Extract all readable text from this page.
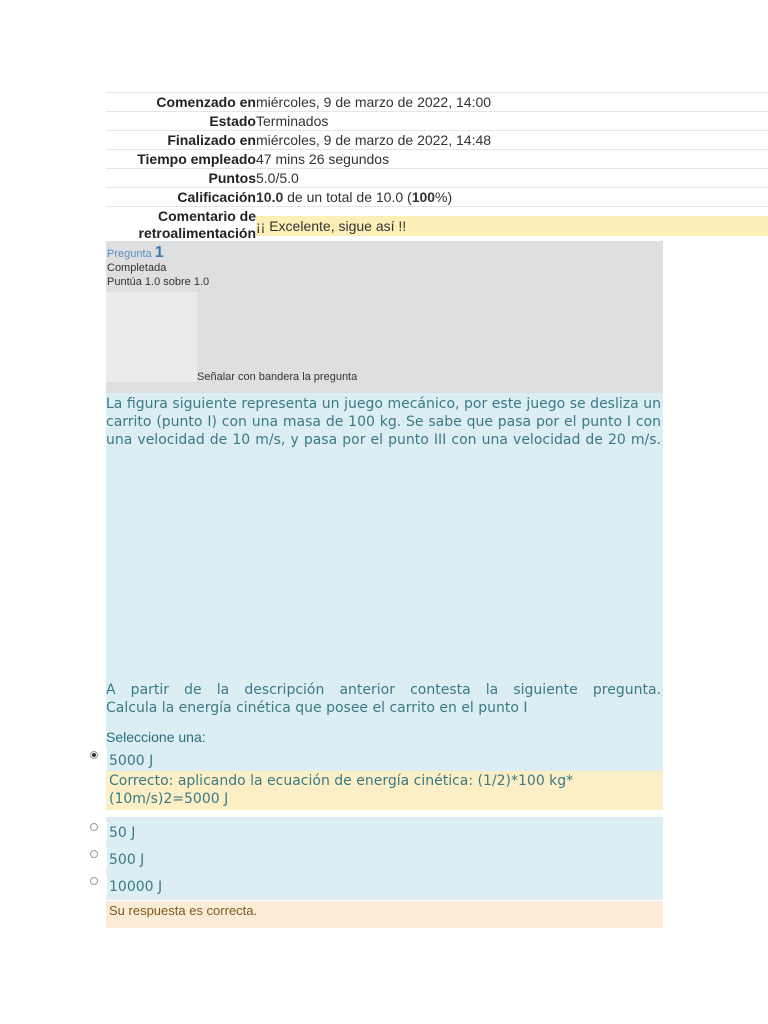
Comenzado en miércoles, 9 de marzo de 2022, 14:00
Estado Terminados
Finalizado en miércoles, 9 de marzo de 2022, 14:48
Tiempo empleado 47 mins 26 segundos
Puntos 5.0/5.0
Calificación 10.0 de un total de 10.0 (100%)
Comentario de
retroalimentación ¡¡ Excelente, sigue así !!
Pregunta 1
Completada
Puntúa 1.0 sobre 1.0
Señalar con bandera la pregunta
La figura siguiente representa un juego mecánico, por este juego se desliza un carrito (punto I) con una masa de 100 kg. Se sabe que pasa por el punto I con una velocidad de 10 m/s, y pasa por el punto III con una velocidad de 20 m/s.
A partir de la descripción anterior contesta la siguiente pregunta.
Calcula la energía cinética que posee el carrito en el punto I
Seleccione una:
5000 J
Correcto: aplicando la ecuación de energía cinética: (1/2)*100 kg*(10m/s)2=5000 J
50 J
500 J
10000 J
Su respuesta es correcta.
